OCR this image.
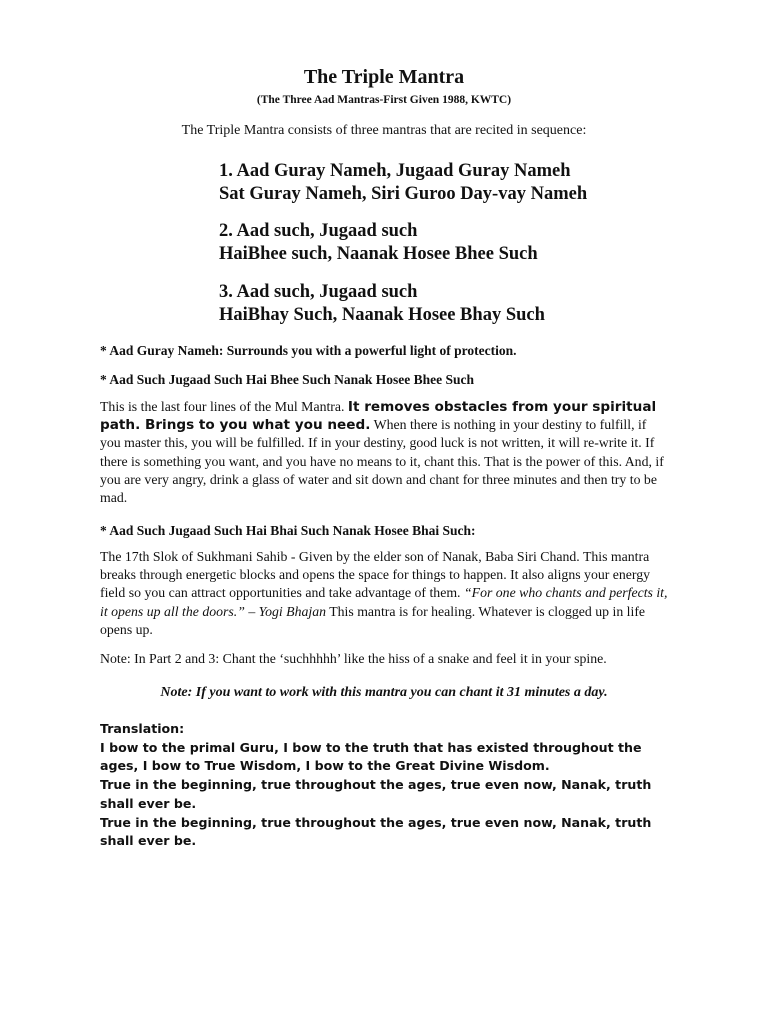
The Triple Mantra
(The Three Aad Mantras-First Given 1988, KWTC)

The Triple Mantra consists of three mantras that are recited in sequence:

1. Aad Guray Nameh, Jugaad Guray Nameh
Sat Guray Nameh, Siri Guroo Day-vay Nameh
2. Aad such, Jugaad such
HaiBhee such, Naanak Hosee Bhee Such
3. Aad such, Jugaad such
HaiBhay Such, Naanak Hosee Bhay Such

* Aad Guray Nameh: Surrounds you with a powerful light of protection.

* Aad Such Jugaad Such Hai Bhee Such Nanak Hosee Bhee Such

This is the last four lines of the Mul Mantra. It removes obstacles from your spiritual path. Brings to you what you need. When there is nothing in your destiny to fulfill, if you master this, you will be fulfilled. If in your destiny, good luck is not written, it will re-write it. If there is something you want, and you have no means to it, chant this. That is the power of this. And, if you are very angry, drink a glass of water and sit down and chant for three minutes and then try to be mad.

* Aad Such Jugaad Such Hai Bhai Such Nanak Hosee Bhai Such:

The 17th Slok of Sukhmani Sahib - Given by the elder son of Nanak, Baba Siri Chand. This mantra breaks through energetic blocks and opens the space for things to happen. It also aligns your energy field so you can attract opportunities and take advantage of them. “For one who chants and perfects it, it opens up all the doors.” – Yogi Bhajan This mantra is for healing. Whatever is clogged up in life opens up.

Note: In Part 2 and 3: Chant the ‘suchhhhh’ like the hiss of a snake and feel it in your spine.

Note: If you want to work with this mantra you can chant it 31 minutes a day.

Translation:
I bow to the primal Guru, I bow to the truth that has existed throughout the ages, I bow to True Wisdom, I bow to the Great Divine Wisdom.
True in the beginning, true throughout the ages, true even now, Nanak, truth shall ever be.
True in the beginning, true throughout the ages, true even now, Nanak, truth shall ever be.
